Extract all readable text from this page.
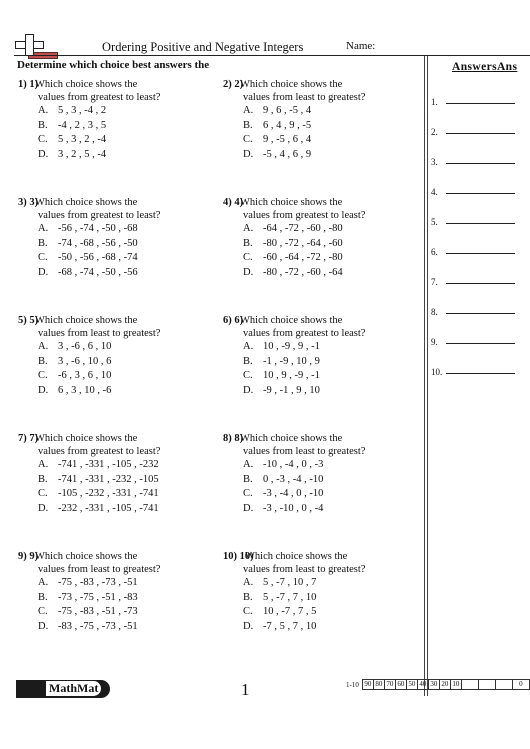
Ordering Positive and Negative Integers	Name:
Determine which choice best answers the	AnswersAns
1.
2.
3.
4.
5.
6.
7.
8.
9.
10.
1) 1)
Which choice shows the
values from greatest to least?
A. 5 , 3 , -4 , 2
B. -4 , 2 , 3 , 5
C. 5 , 3 , 2 , -4
D. 3 , 2 , 5 , -4
2) 2)
Which choice shows the
values from least to greatest?
A. 9 , 6 , -5 , 4
B. 6 , 4 , 9 , -5
C. 9 , -5 , 6 , 4
D. -5 , 4 , 6 , 9
3) 3)
Which choice shows the
values from greatest to least?
A. -56 , -74 , -50 , -68
B. -74 , -68 , -56 , -50
C. -50 , -56 , -68 , -74
D. -68 , -74 , -50 , -56
4) 4)
Which choice shows the
values from greatest to least?
A. -64 , -72 , -60 , -80
B. -80 , -72 , -64 , -60
C. -60 , -64 , -72 , -80
D. -80 , -72 , -60 , -64
5) 5)
Which choice shows the
values from least to greatest?
A. 3 , -6 , 6 , 10
B. 3 , -6 , 10 , 6
C. -6 , 3 , 6 , 10
D. 6 , 3 , 10 , -6
6) 6)
Which choice shows the
values from greatest to least?
A. 10 , -9 , 9 , -1
B. -1 , -9 , 10 , 9
C. 10 , 9 , -9 , -1
D. -9 , -1 , 9 , 10
7) 7)
Which choice shows the
values from greatest to least?
A. -741 , -331 , -105 , -232
B. -741 , -331 , -232 , -105
C. -105 , -232 , -331 , -741
D. -232 , -331 , -105 , -741
8) 8)
Which choice shows the
values from least to greatest?
A. -10 , -4 , 0 , -3
B. 0 , -3 , -4 , -10
C. -3 , -4 , 0 , -10
D. -3 , -10 , 0 , -4
9) 9)
Which choice shows the
values from least to greatest?
A. -75 , -83 , -73 , -51
B. -73 , -75 , -51 , -83
C. -75 , -83 , -51 , -73
D. -83 , -75 , -73 , -51
10) 10)
Which choice shows the
values from least to greatest?
A. 5 , -7 , 10 , 7
B. 5 , -7 , 7 , 10
C. 10 , -7 , 7 , 5
D. -7 , 5 , 7 , 10
MathMat	1	1-10 90 80 70 60 50 40 30 20 10	0
